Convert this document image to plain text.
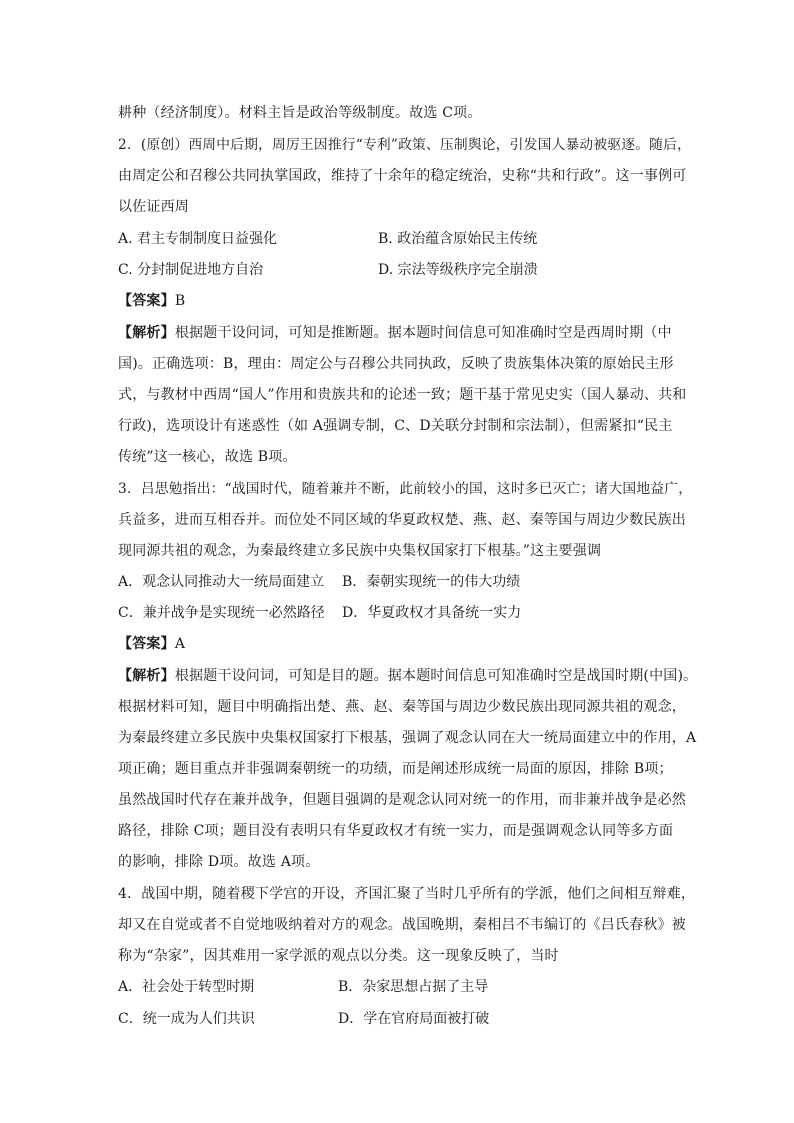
耕种（经济制度）。材料主旨是政治等级制度。故选 C项。
2．(原创）西周中后期，周厉王因推行“专利”政策、压制舆论，引发国人暴动被驱逐。随后，
由周定公和召穆公共同执掌国政，维持了十余年的稳定统治，史称“共和行政”。这一事例可
以佐证西周
A. 君主专制制度日益强化	B. 政治蕴含原始民主传统
C. 分封制促进地方自治	D. 宗法等级秩序完全崩溃
【答案】B
【解析】根据题干设问词，可知是推断题。据本题时间信息可知准确时空是西周时期（中
国)。正确选项：B，理由：周定公与召穆公共同执政，反映了贵族集体决策的原始民主形
式，与教材中西周“国人”作用和贵族共和的论述一致；题干基于常见史实（国人暴动、共和
行政)，选项设计有迷惑性（如 A强调专制，C、D关联分封制和宗法制），但需紧扣“民主
传统”这一核心，故选 B项。
3．吕思勉指出：“战国时代，随着兼并不断，此前较小的国，这时多已灭亡；诸大国地益广，
兵益多，进而互相吞并。而位处不同区域的华夏政权楚、燕、赵、秦等国与周边少数民族出
现同源共祖的观念，为秦最终建立多民族中央集权国家打下根基。”这主要强调
A．观念认同推动大一统局面建立 B．秦朝实现统一的伟大功绩
C．兼并战争是实现统一必然路径 D．华夏政权才具备统一实力
【答案】A
【解析】根据题干设问词，可知是目的题。据本题时间信息可知准确时空是战国时期(中国)。
根据材料可知，题目中明确指出楚、燕、赵、秦等国与周边少数民族出现同源共祖的观念，
为秦最终建立多民族中央集权国家打下根基，强调了观念认同在大一统局面建立中的作用，A
项正确；题目重点并非强调秦朝统一的功绩，而是阐述形成统一局面的原因，排除 B项；
虽然战国时代存在兼并战争，但题目强调的是观念认同对统一的作用，而非兼并战争是必然
路径，排除 C项；题目没有表明只有华夏政权才有统一实力，而是强调观念认同等多方面
的影响，排除 D项。故选 A项。
4．战国中期，随着稷下学宫的开设，齐国汇聚了当时几乎所有的学派，他们之间相互辩难，
却又在自觉或者不自觉地吸纳着对方的观念。战国晚期，秦相吕不韦编订的《吕氏春秋》被
称为“杂家”，因其难用一家学派的观点以分类。这一现象反映了，当时
A．社会处于转型时期	B．杂家思想占据了主导
C．统一成为人们共识	D．学在官府局面被打破
